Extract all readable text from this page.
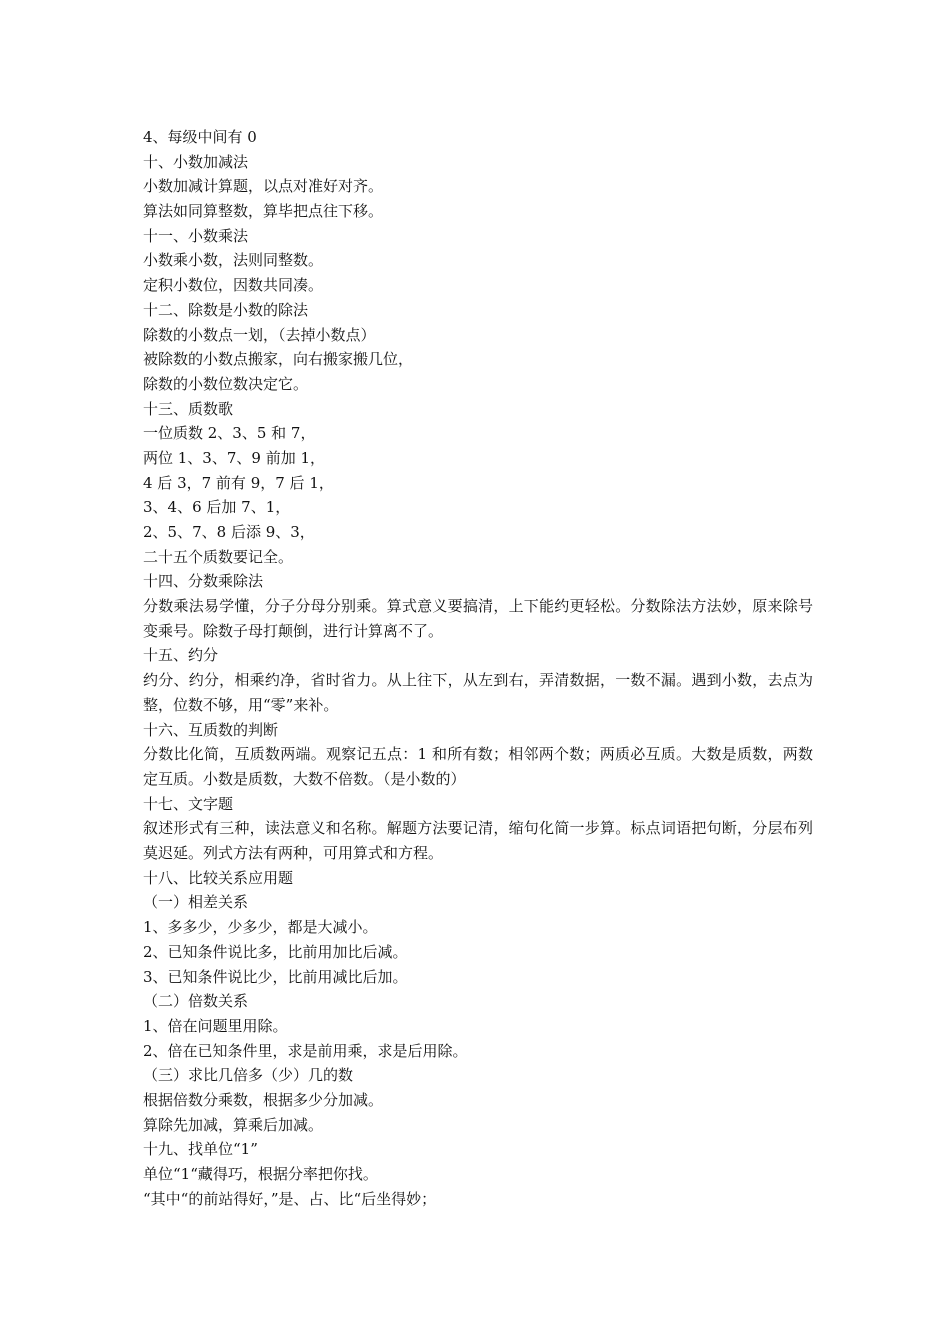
4、每级中间有 0
十、小数加减法
小数加减计算题，以点对准好对齐。
算法如同算整数，算毕把点往下移。
十一、小数乘法
小数乘小数，法则同整数。
定积小数位，因数共同凑。
十二、除数是小数的除法
除数的小数点一划，（去掉小数点）
被除数的小数点搬家，向右搬家搬几位，
除数的小数位数决定它。
十三、质数歌
一位质数 2、3、5 和 7，
两位 1、3、7、9 前加 1，
4 后 3，7 前有 9，7 后 1，
3、4、6 后加 7、1，
2、5、7、8 后添 9、3，
二十五个质数要记全。
十四、分数乘除法
分数乘法易学懂，分子分母分别乘。算式意义要搞清，上下能约更轻松。分数除法方法妙，原来除号变乘号。除数子母打颠倒，进行计算离不了。
十五、约分
约分、约分，相乘约净，省时省力。从上往下，从左到右，弄清数据，一数不漏。遇到小数，去点为整，位数不够，用“零”来补。
十六、互质数的判断
分数比化简，互质数两端。观察记五点：1 和所有数；相邻两个数；两质必互质。大数是质数，两数定互质。小数是质数，大数不倍数。（是小数的）
十七、文字题
叙述形式有三种，读法意义和名称。解题方法要记清，缩句化简一步算。标点词语把句断，分层布列莫迟延。列式方法有两种，可用算式和方程。
十八、比较关系应用题
（一）相差关系
1、多多少，少多少，都是大减小。
2、已知条件说比多，比前用加比后减。
3、已知条件说比少，比前用减比后加。
（二）倍数关系
1、倍在问题里用除。
2、倍在已知条件里，求是前用乘，求是后用除。
（三）求比几倍多（少）几的数
根据倍数分乘数，根据多少分加减。
算除先加减，算乘后加减。
十九、找单位“1”
单位“1“藏得巧，根据分率把你找。
“其中“的前站得好，”是、占、比“后坐得妙；
